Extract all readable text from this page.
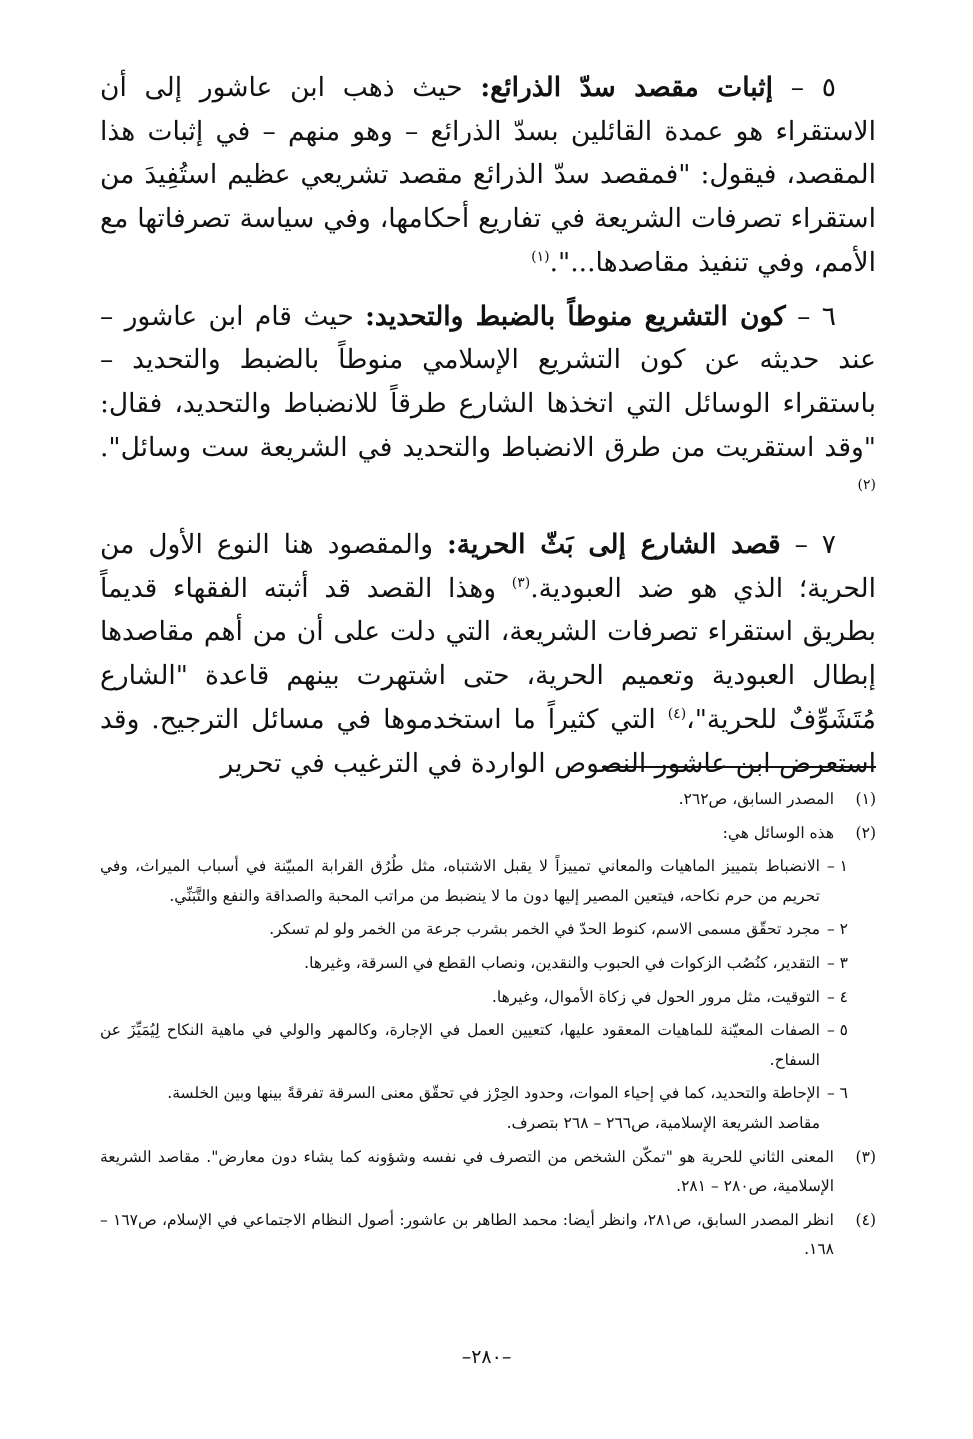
٥ – إثبات مقصد سدّ الذرائع: حيث ذهب ابن عاشور إلى أن الاستقراء هو عمدة القائلين بسدّ الذرائع – وهو منهم – في إثبات هذا المقصد، فيقول: "فمقصد سدّ الذرائع مقصد تشريعي عظيم استُفِيدَ من استقراء تصرفات الشريعة في تفاريع أحكامها، وفي سياسة تصرفاتها مع الأمم، وفي تنفيذ مقاصدها...".$^{(١)}$

٦ – كون التشريع منوطاً بالضبط والتحديد: حيث قام ابن عاشور – عند حديثه عن كون التشريع الإسلامي منوطاً بالضبط والتحديد – باستقراء الوسائل التي اتخذها الشارع طرقاً للانضباط والتحديد، فقال: "وقد استقريت من طرق الانضباط والتحديد في الشريعة ست وسائل".$^{(٢)}$

٧ – قصد الشارع إلى بَثّ الحرية: والمقصود هنا النوع الأول من الحرية؛ الذي هو ضد العبودية.$^{(٣)}$ وهذا القصد قد أثبته الفقهاء قديماً بطريق استقراء تصرفات الشريعة، التي دلت على أن من أهم مقاصدها إبطال العبودية وتعميم الحرية، حتى اشتهرت بينهم قاعدة "الشارع مُتَشَوِّفٌ للحرية"،$^{(٤)}$ التي كثيراً ما استخدموها في مسائل الترجيح. وقد استعرض ابن عاشور النصوص الواردة في الترغيب في تحرير

(١)
المصدر السابق، ص٢٦٢.
(٢)
هذه الوسائل هي:
١ –
الانضباط بتمييز الماهيات والمعاني تمييزاً لا يقبل الاشتباه، مثل طُرُق القرابة المبيّنة في أسباب الميراث، وفي تحريم من حرم نكاحه، فيتعين المصير إليها دون ما لا ينضبط من مراتب المحبة والصداقة والنفع والتَّبَنِّي.
٢ –
مجرد تحقّق مسمى الاسم، كنوط الحدّ في الخمر بشرب جرعة من الخمر ولو لم تسكر.
٣ –
التقدير، كنُصُب الزكوات في الحبوب والنقدين، ونصاب القطع في السرقة، وغيرها.
٤ –
التوقيت، مثل مرور الحول في زكاة الأموال، وغيرها.
٥ –
الصفات المعيّنة للماهيات المعقود عليها، كتعيين العمل في الإجارة، وكالمهر والولي في ماهية النكاح لِيُمَيِّزَ عن السفاح.
٦ –
الإحاطة والتحديد، كما في إحياء الموات، وحدود الحِرْز في تحقّق معنى السرقة تفرقةً بينها وبين الخلسة.
مقاصد الشريعة الإسلامية، ص٢٦٦ – ٢٦٨ بتصرف.
(٣)
المعنى الثاني للحرية هو "تمكّن الشخص من التصرف في نفسه وشؤونه كما يشاء دون معارض". مقاصد الشريعة الإسلامية، ص٢٨٠ – ٢٨١.
(٤)
انظر المصدر السابق، ص٢٨١، وانظر أيضا: محمد الطاهر بن عاشور: أصول النظام الاجتماعي في الإسلام، ص١٦٧ – ١٦٨.
–٢٨٠–
